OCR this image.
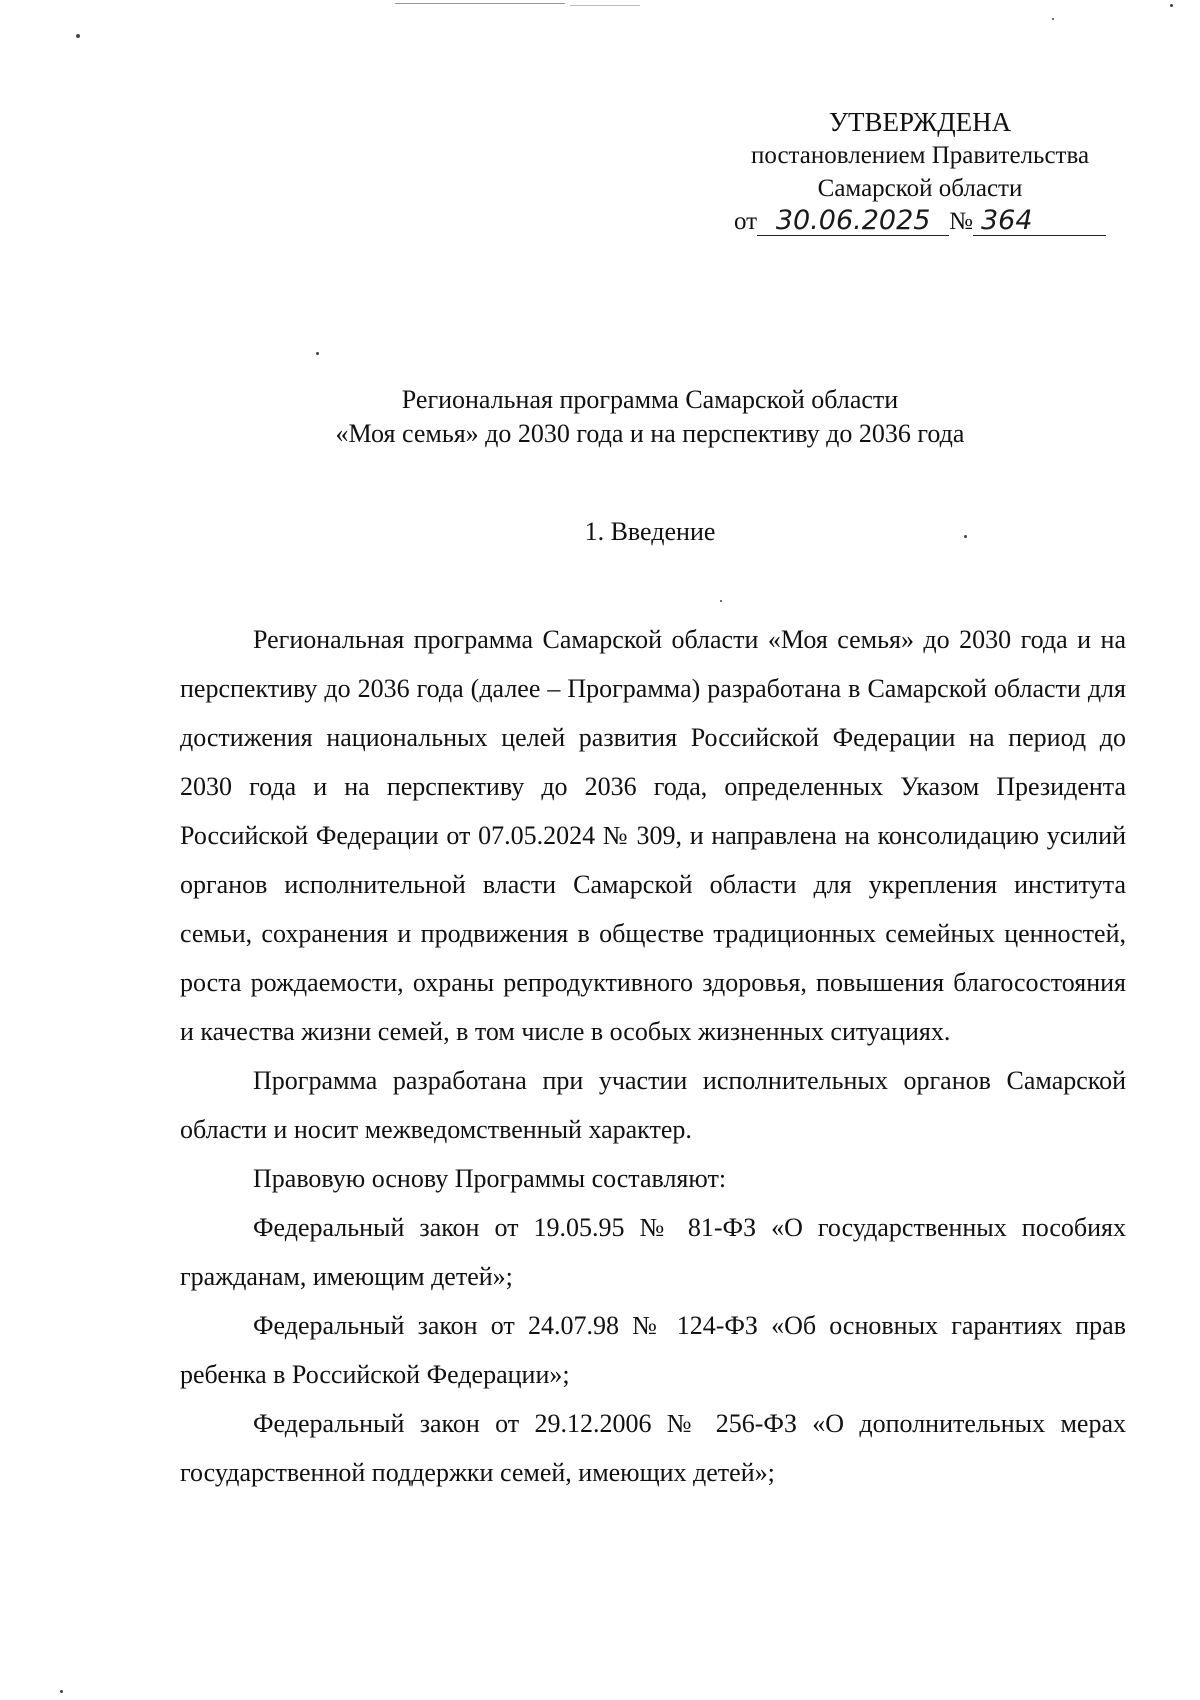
УТВЕРЖДЕНА
постановлением Правительства
Самарской области
от 30.06.2025 № 364
Региональная программа Самарской области
«Моя семья» до 2030 года и на перспективу до 2036 года
1. Введение

Региональная программа Самарской области «Моя семья» до 2030 года и на перспективу до 2036 года (далее – Программа) разработана в Самарской области для достижения национальных целей развития Российской Федерации на период до 2030 года и на перспективу до 2036 года, определенных Указом Президента Российской Федерации от 07.05.2024 № 309, и направлена на консолидацию усилий органов исполнительной власти Самарской области для укрепления института семьи, сохранения и продвижения в обществе традиционных семейных ценностей, роста рождаемости, охраны репродуктивного здоровья, повышения благосостояния и качества жизни семей, в том числе в особых жизненных ситуациях.

Программа разработана при участии исполнительных органов Самарской области и носит межведомственный характер.

Правовую основу Программы составляют:

Федеральный закон от 19.05.95 № 81-ФЗ «О государственных пособиях гражданам, имеющим детей»;

Федеральный закон от 24.07.98 № 124-ФЗ «Об основных гарантиях прав ребенка в Российской Федерации»;

Федеральный закон от 29.12.2006 № 256-ФЗ «О дополнительных мерах государственной поддержки семей, имеющих детей»;
